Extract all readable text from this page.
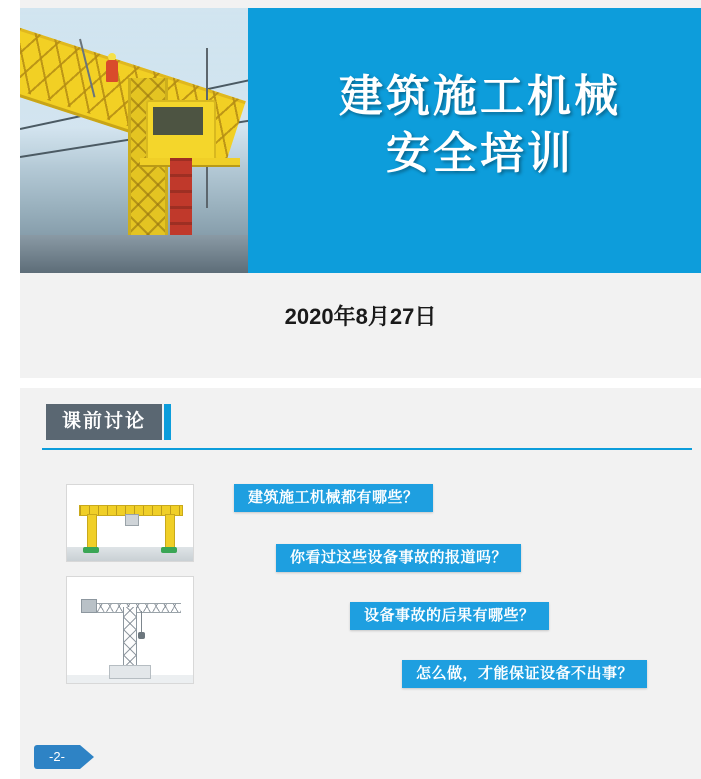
建筑施工机械
安全培训
2020年8月27日
课前讨论
建筑施工机械都有哪些？
你看过这些设备事故的报道吗？
设备事故的后果有哪些？
怎么做，才能保证设备不出事？
-2-
